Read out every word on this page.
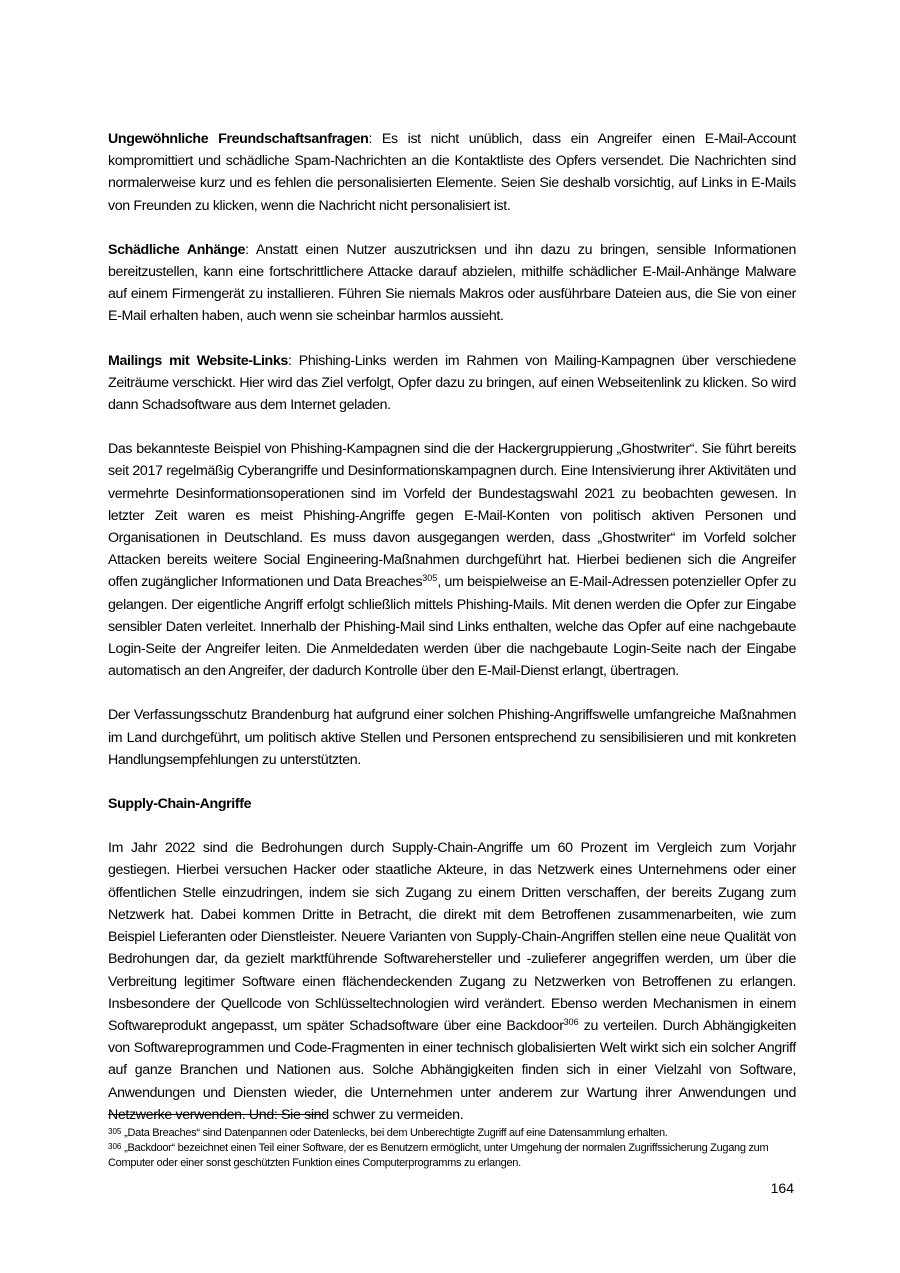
Ungewöhnliche Freundschaftsanfragen: Es ist nicht unüblich, dass ein Angreifer einen E-Mail-Account kompromittiert und schädliche Spam-Nachrichten an die Kontaktliste des Opfers versendet. Die Nachrichten sind normalerweise kurz und es fehlen die personalisierten Elemente. Seien Sie deshalb vorsichtig, auf Links in E-Mails von Freunden zu klicken, wenn die Nachricht nicht personalisiert ist.

Schädliche Anhänge: Anstatt einen Nutzer auszutricksen und ihn dazu zu bringen, sensible Informationen bereitzustellen, kann eine fortschrittlichere Attacke darauf abzielen, mithilfe schädlicher E-Mail-Anhänge Malware auf einem Firmengerät zu installieren. Führen Sie niemals Makros oder ausführbare Dateien aus, die Sie von einer E-Mail erhalten haben, auch wenn sie scheinbar harmlos aussieht.

Mailings mit Website-Links: Phishing-Links werden im Rahmen von Mailing-Kampagnen über verschiedene Zeiträume verschickt. Hier wird das Ziel verfolgt, Opfer dazu zu bringen, auf einen Webseitenlink zu klicken. So wird dann Schadsoftware aus dem Internet geladen.

Das bekannteste Beispiel von Phishing-Kampagnen sind die der Hackergruppierung „Ghostwriter“. Sie führt bereits seit 2017 regelmäßig Cyberangriffe und Desinformationskampagnen durch. Eine Intensivierung ihrer Aktivitäten und vermehrte Desinformationsoperationen sind im Vorfeld der Bundestagswahl 2021 zu beobachten gewesen. In letzter Zeit waren es meist Phishing-Angriffe gegen E-Mail-Konten von politisch aktiven Personen und Organisationen in Deutschland. Es muss davon ausgegangen werden, dass „Ghostwriter“ im Vorfeld solcher Attacken bereits weitere Social Engineering-Maßnahmen durchgeführt hat. Hierbei bedienen sich die Angreifer offen zugänglicher Informationen und Data Breaches$^{305}$, um beispielweise an E-Mail-Adressen potenzieller Opfer zu gelangen. Der eigentliche Angriff erfolgt schließlich mittels Phishing-Mails. Mit denen werden die Opfer zur Eingabe sensibler Daten verleitet. Innerhalb der Phishing-Mail sind Links enthalten, welche das Opfer auf eine nachgebaute Login-Seite der Angreifer leiten. Die Anmeldedaten werden über die nachgebaute Login-Seite nach der Eingabe automatisch an den Angreifer, der dadurch Kontrolle über den E-Mail-Dienst erlangt, übertragen.

Der Verfassungsschutz Brandenburg hat aufgrund einer solchen Phishing-Angriffswelle umfangreiche Maßnahmen im Land durchgeführt, um politisch aktive Stellen und Personen entsprechend zu sensibilisieren und mit konkreten Handlungsempfehlungen zu unterstützten.

Supply-Chain-Angriffe

Im Jahr 2022 sind die Bedrohungen durch Supply-Chain-Angriffe um 60 Prozent im Vergleich zum Vorjahr gestiegen. Hierbei versuchen Hacker oder staatliche Akteure, in das Netzwerk eines Unternehmens oder einer öffentlichen Stelle einzudringen, indem sie sich Zugang zu einem Dritten verschaffen, der bereits Zugang zum Netzwerk hat. Dabei kommen Dritte in Betracht, die direkt mit dem Betroffenen zusammenarbeiten, wie zum Beispiel Lieferanten oder Dienstleister. Neuere Varianten von Supply-Chain-Angriffen stellen eine neue Qualität von Bedrohungen dar, da gezielt marktführende Softwarehersteller und -zulieferer angegriffen werden, um über die Verbreitung legitimer Software einen flächendeckenden Zugang zu Netzwerken von Betroffenen zu erlangen. Insbesondere der Quellcode von Schlüsseltechnologien wird verändert. Ebenso werden Mechanismen in einem Softwareprodukt angepasst, um später Schadsoftware über eine Backdoor$^{306}$ zu verteilen. Durch Abhängigkeiten von Softwareprogrammen und Code-Fragmenten in einer technisch globalisierten Welt wirkt sich ein solcher Angriff auf ganze Branchen und Nationen aus. Solche Abhängigkeiten finden sich in einer Vielzahl von Software, Anwendungen und Diensten wieder, die Unternehmen unter anderem zur Wartung ihrer Anwendungen und Netzwerke verwenden. Und: Sie sind schwer zu vermeiden.

$^{305}$ „Data Breaches“ sind Datenpannen oder Datenlecks, bei dem Unberechtigte Zugriff auf eine Datensammlung erhalten.

$^{306}$ „Backdoor“ bezeichnet einen Teil einer Software, der es Benutzern ermöglicht, unter Umgehung der normalen Zugriffssicherung Zugang zum Computer oder einer sonst geschützten Funktion eines Computerprogramms zu erlangen.

164
